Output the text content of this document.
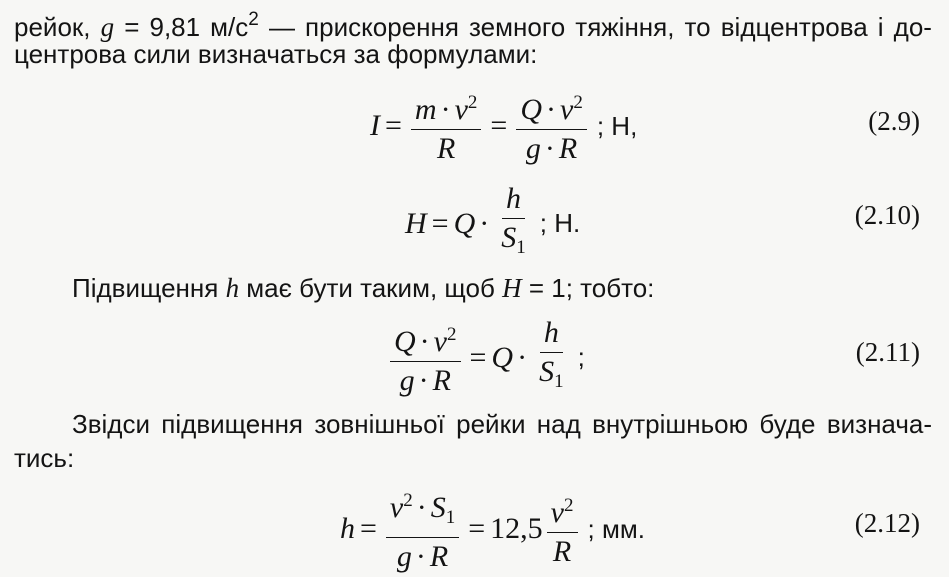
рейок, g = 9,81 $м/с^2$ — прискорення земного тяжіння, то відцентрова і до-
центрова сили визначаться за формулами:
$I = \frac{m \cdot v^2}{R} = \frac{Q \cdot v^2}{g \cdot R}$ ; Н,	(2.9)
$H = Q \cdot \frac{h}{S_1}$ ; Н.	(2.10)
Підвищення h має бути таким, щоб H = 1; тобто:
$\frac{Q \cdot v^2}{g \cdot R} = Q \cdot \frac{h}{S_1}$ ;	(2.11)
Звідси підвищення зовнішньої рейки над внутрішньою буде визнача-
тись:
$h = \frac{v^2 \cdot S_1}{g \cdot R} = 12,5 \frac{v^2}{R}$ ; мм.	(2.12)
